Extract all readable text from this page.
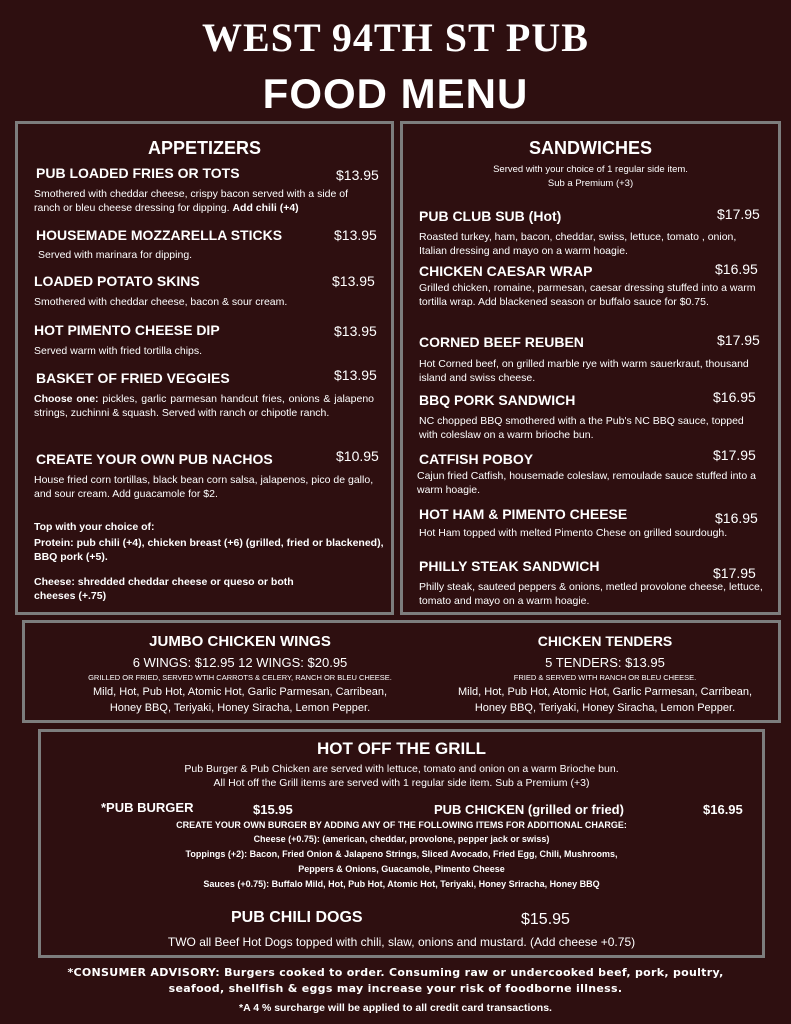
WEST 94TH ST PUB
FOOD MENU
APPETIZERS
PUB LOADED FRIES OR TOTS	$13.95
Smothered with cheddar cheese, crispy bacon served with a side of ranch or bleu cheese dressing for dipping. Add chili (+4)
HOUSEMADE MOZZARELLA STICKS	$13.95
Served with marinara for dipping.
LOADED POTATO SKINS	$13.95
Smothered with cheddar cheese, bacon & sour cream.
HOT PIMENTO CHEESE DIP	$13.95
Served warm with fried tortilla chips.
BASKET OF FRIED VEGGIES	$13.95
Choose one: pickles, garlic parmesan handcut fries, onions & jalapeno strings, zuchinni & squash. Served with ranch or chipotle ranch.
CREATE YOUR OWN PUB NACHOS	$10.95
House fried corn tortillas, black bean corn salsa, jalapenos, pico de gallo, and sour cream. Add guacamole for $2.
Top with your choice of:
Protein: pub chili (+4), chicken breast (+6) (grilled, fried or blackened), BBQ pork (+5).
Cheese: shredded cheddar cheese or queso or both cheeses (+.75)
SANDWICHES
Served with your choice of 1 regular side item.
Sub a Premium (+3)
PUB CLUB SUB (Hot)	$17.95
Roasted turkey, ham, bacon, cheddar, swiss, lettuce, tomato , onion, Italian dressing and mayo on a warm hoagie.
CHICKEN CAESAR WRAP	$16.95
Grilled chicken, romaine, parmesan, caesar dressing stuffed into a warm tortilla wrap. Add blackened season or buffalo sauce for $0.75.
CORNED BEEF REUBEN	$17.95
Hot Corned beef, on grilled marble rye with warm sauerkraut, thousand island and swiss cheese.
BBQ PORK SANDWICH	$16.95
NC chopped BBQ smothered with a the Pub's NC BBQ sauce, topped with coleslaw on a warm brioche bun.
CATFISH POBOY	$17.95
Cajun fried Catfish, housemade coleslaw, remoulade sauce stuffed into a warm hoagie.
HOT HAM & PIMENTO CHEESE	$16.95
Hot Ham topped with melted Pimento Chese on grilled sourdough.
PHILLY STEAK SANDWICH	$17.95
Philly steak, sauteed peppers & onions, metled provolone cheese, lettuce, tomato and mayo on a warm hoagie.
JUMBO CHICKEN WINGS
6 WINGS: $12.95 12 WINGS: $20.95
GRILLED OR FRIED, SERVED WTIH CARROTS & CELERY, RANCH OR BLEU CHEESE.
Mild, Hot, Pub Hot, Atomic Hot, Garlic Parmesan, Carribean,
Honey BBQ, Teriyaki, Honey Siracha, Lemon Pepper.
CHICKEN TENDERS
5 TENDERS: $13.95
FRIED & SERVED WITH RANCH OR BLEU CHEESE.
Mild, Hot, Pub Hot, Atomic Hot, Garlic Parmesan, Carribean,
Honey BBQ, Teriyaki, Honey Siracha, Lemon Pepper.
HOT OFF THE GRILL
Pub Burger & Pub Chicken are served with lettuce, tomato and onion on a warm Brioche bun.
All Hot off the Grill items are served with 1 regular side item. Sub a Premium (+3)
*PUB BURGER	$15.95	PUB CHICKEN (grilled or fried)	$16.95
CREATE YOUR OWN BURGER BY ADDING ANY OF THE FOLLOWING ITEMS FOR ADDITIONAL CHARGE:
Cheese (+0.75): (american, cheddar, provolone, pepper jack or swiss)
Toppings (+2): Bacon, Fried Onion & Jalapeno Strings, Sliced Avocado, Fried Egg, Chili, Mushrooms,
Peppers & Onions, Guacamole, Pimento Cheese
Sauces (+0.75): Buffalo Mild, Hot, Pub Hot, Atomic Hot, Teriyaki, Honey Sriracha, Honey BBQ
PUB CHILI DOGS	$15.95
TWO all Beef Hot Dogs topped with chili, slaw, onions and mustard. (Add cheese +0.75)
*CONSUMER ADVISORY: Burgers cooked to order. Consuming raw or undercooked beef, pork, poultry,
seafood, shellfish & eggs may increase your risk of foodborne illness.
*A 4 % surcharge will be applied to all credit card transactions.
